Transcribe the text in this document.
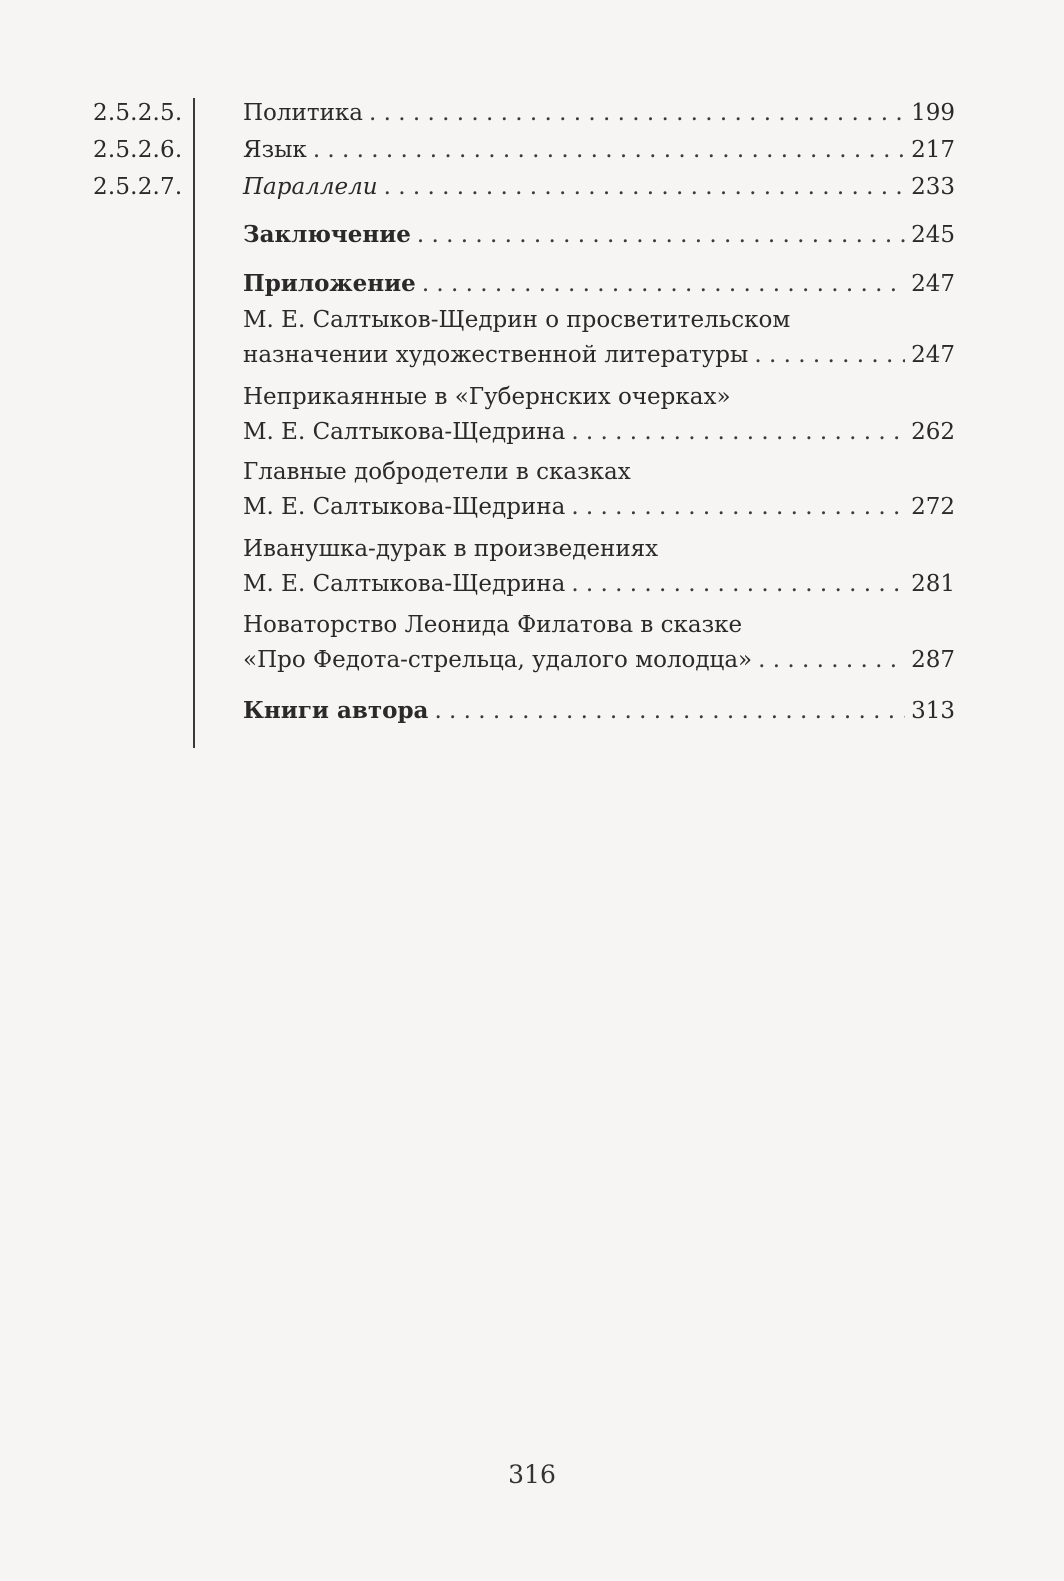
2.5.2.5.	Политика . . .	199
2.5.2.6.	Язык . . .	217
2.5.2.7.	Параллели . . .	233
Заключение . . .	245
Приложение . . .	247
М. Е. Салтыков-Щедрин о просветительском
назначении художественной литературы . . .	247
Неприкаянные в «Губернских очерках»
М. Е. Салтыкова-Щедрина . . .	262
Главные добродетели в сказках
М. Е. Салтыкова-Щедрина . . .	272
Иванушка-дурак в произведениях
М. Е. Салтыкова-Щедрина . . .	281
Новаторство Леонида Филатова в сказке
«Про Федота-стрельца, удалого молодца» . . .	287
Книги автора . . .	313
316
